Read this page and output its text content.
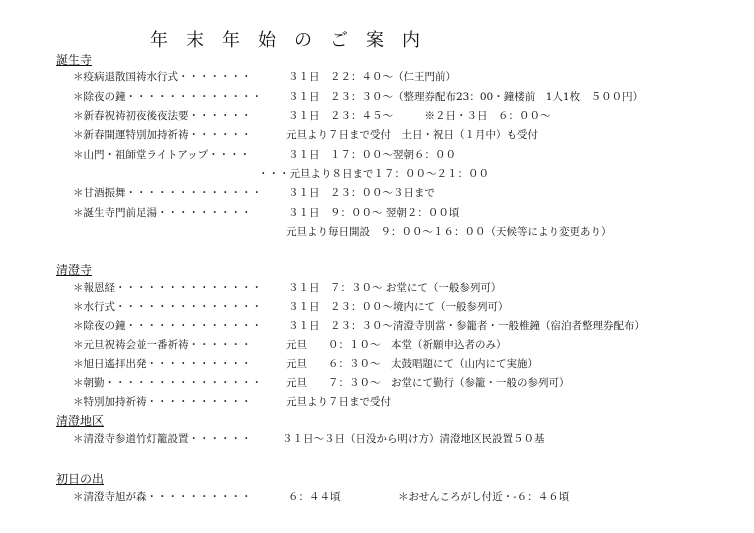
年末年始のご案内
誕生寺
＊疫病退散国祷水行式・・・・・・・	３１日　２２：４０～（仁王門前）
＊除夜の鐘・・・・・・・・・・・・・ ３１日　２３：３０～（整理券配布23：00・鐘楼前　1人1枚　５００円）
＊新春祝祷初夜後夜法要・・・・・・	３１日　２３：４５～　　　※２日・３日　６：００～
＊新春開運特別加持祈祷・・・・・・	元旦より７日まで受付　土日・祝日（１月中）も受付
＊山門・祖師堂ライトアップ・・・・	３１日　１７：００～翌朝６：００
・・・元旦より８日まで１７：００～２１：００
＊甘酒振舞・・・・・・・・・・・・・ ３１日　２３：００～３日まで
＊誕生寺門前足湯・・・・・・・・・	３１日　９：００～ 翌朝２：００頃
元旦より毎日開設　９：００～１６：００（天候等により変更あり）
清澄寺
＊報恩経・・・・・・・・・・・・・・ ３１日　７：３０～ お堂にて（一般参列可）
＊水行式・・・・・・・・・・・・・・ ３１日　２３：００～境内にて（一般参列可）
＊除夜の鐘・・・・・・・・・・・・・ ３１日　２３：３０～清澄寺別當・参籠者・一般椎鐘（宿泊者整理券配布）
＊元旦祝祷会並一番祈祷・・・・・・	元旦　　０：１０～　本堂（祈願申込者のみ）
＊旭日遙拝出発・・・・・・・・・・	元旦　　６：３０～　太鼓唱題にて（山内にて実施）
＊朝勤・・・・・・・・・・・・・・・ 元旦　　７：３０～　お堂にて勤行（参籠・一般の参列可）
＊特別加持祈祷・・・・・・・・・・	元旦より７日まで受付
清澄地区
＊清澄寺参道竹灯籠設置・・・・・・	３１日～３日（日没から明け方）清澄地区民設置５０基
初日の出
＊清澄寺旭が森・・・・・・・・・・	６：４４頃	＊おせんころがし付近・‐６：４６頃
